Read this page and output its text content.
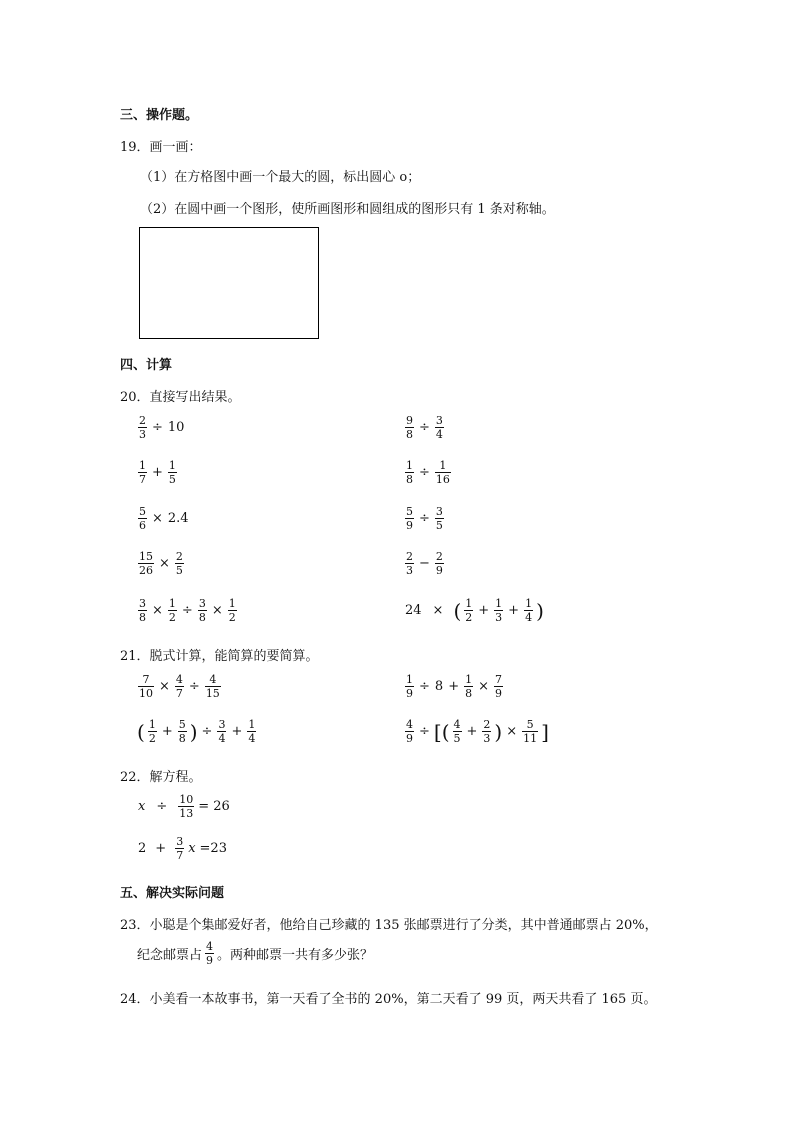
三、操作题。
19．画一画：
（1）在方格图中画一个最大的圆，标出圆心 o；
（2）在圆中画一个图形，使所画图形和圆组成的图形只有 1 条对称轴。
四、计算
20．直接写出结果。
$\frac{2}{3} \div 10$	$\frac{9}{8} \div \frac{3}{4}$
$\frac{1}{7} + \frac{1}{5}$	$\frac{1}{8} \div \frac{1}{16}$
$\frac{5}{6} \times 2.4$	$\frac{5}{9} \div \frac{3}{5}$
$\frac{15}{26} \times \frac{2}{5}$	$\frac{2}{3} - \frac{2}{9}$
$\frac{3}{8} \times \frac{1}{2} \div \frac{3}{8} \times \frac{1}{2}$	24 × ( $\frac{1}{2} + \frac{1}{3} + \frac{1}{4}$ )
21．脱式计算，能简算的要简算。
$\frac{7}{10} \times \frac{4}{7} \div \frac{4}{15}$	$\frac{1}{9} \div 8 + \frac{1}{8} \times \frac{7}{9}$
( $\frac{1}{2} + \frac{5}{8}$ ) ÷ $\frac{3}{4} + \frac{1}{4}$	$\frac{4}{9}$ ÷ [( $\frac{4}{5} + \frac{2}{3}$ ) × $\frac{5}{11}$ ]
22．解方程。
x ÷	$\frac{10}{13} = 26$
$2 + \frac{3}{7}$ x =23
五、解决实际问题
23．小聪是个集邮爱好者，他给自己珍藏的 135 张邮票进行了分类，其中普通邮票占 20%，
纪念邮票占 $\frac{4}{9}$ 。两种邮票一共有多少张？
24．小美看一本故事书，第一天看了全书的 20%，第二天看了 99 页，两天共看了 165 页。
